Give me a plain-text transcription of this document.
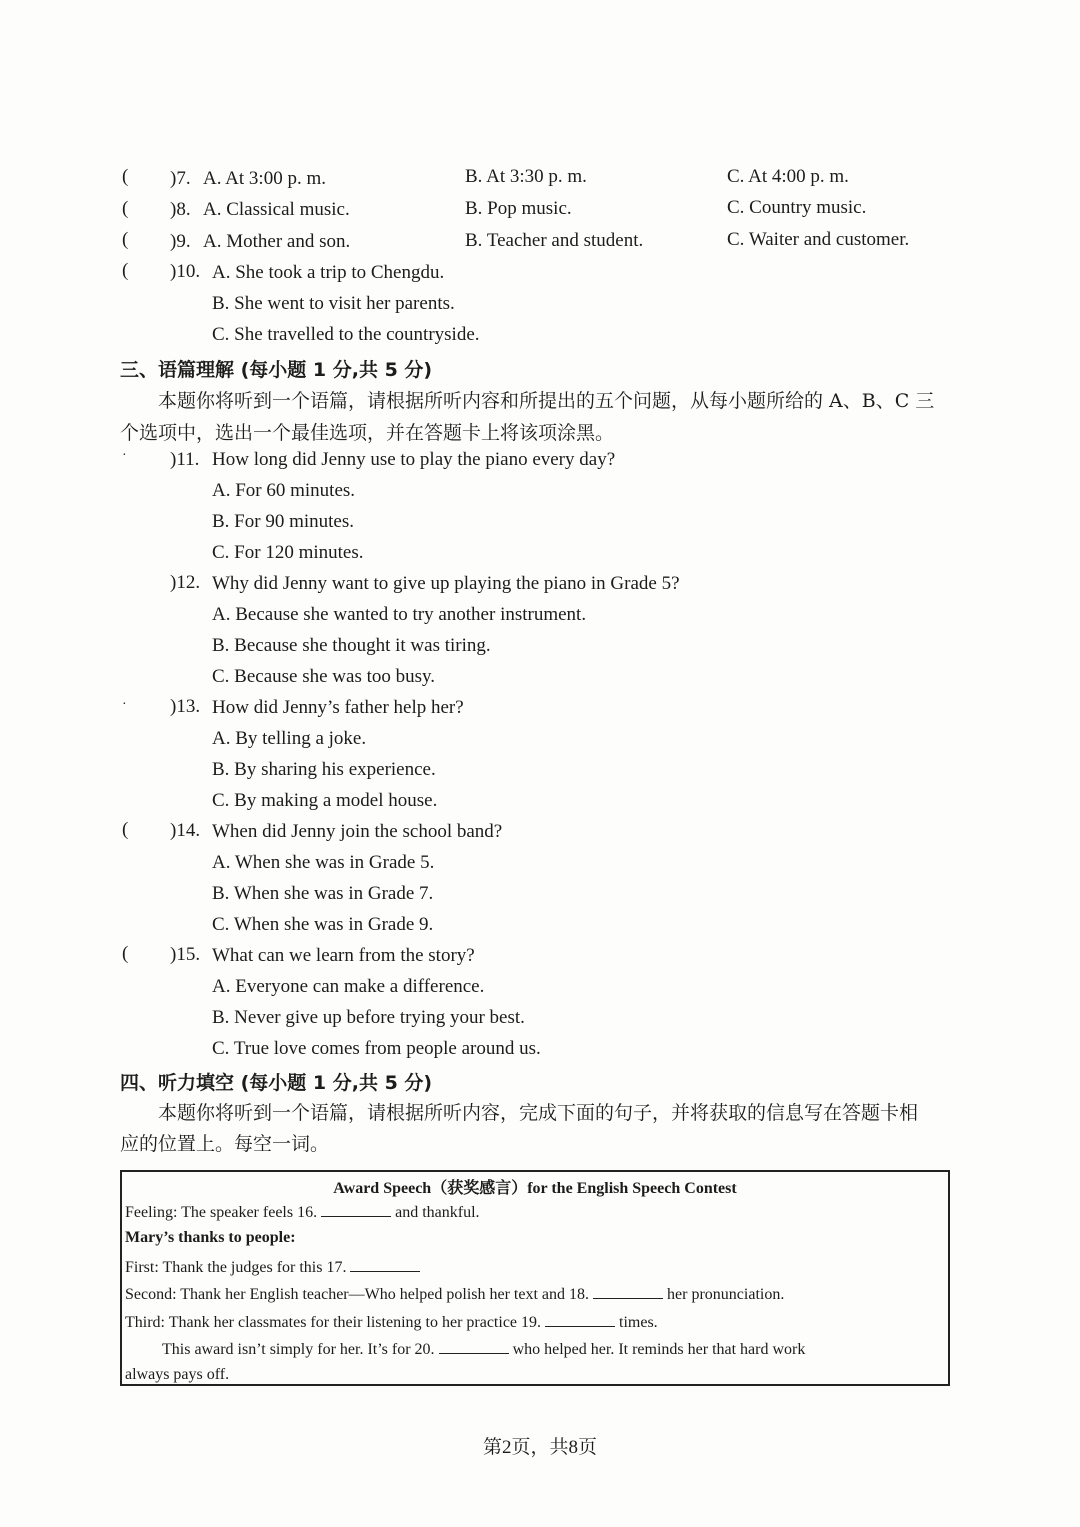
( )7. A. At 3:00 p. m.	B. At 3:30 p. m.	C. At 4:00 p. m.
( )8. A. Classical music.	B. Pop music.	C. Country music.
( )9. A. Mother and son.	B. Teacher and student.	C. Waiter and customer.
( )10. A. She took a trip to Chengdu.
B. She went to visit her parents.
C. She travelled to the countryside.
三、语篇理解 (每小题 1 分,共 5 分)
本题你将听到一个语篇，请根据所听内容和所提出的五个问题，从每小题所给的 A、B、C 三
个选项中，选出一个最佳选项，并在答题卡上将该项涂黑。
· )11. How long did Jenny use to play the piano every day?
A. For 60 minutes.
B. For 90 minutes.
C. For 120 minutes.
)12. Why did Jenny want to give up playing the piano in Grade 5?
A. Because she wanted to try another instrument.
B. Because she thought it was tiring.
C. Because she was too busy.
· )13. How did Jenny’s father help her?
A. By telling a joke.
B. By sharing his experience.
C. By making a model house.
( )14. When did Jenny join the school band?
A. When she was in Grade 5.
B. When she was in Grade 7.
C. When she was in Grade 9.
( )15. What can we learn from the story?
A. Everyone can make a difference.
B. Never give up before trying your best.
C. True love comes from people around us.
四、听力填空 (每小题 1 分,共 5 分)
本题你将听到一个语篇，请根据所听内容，完成下面的句子，并将获取的信息写在答题卡相
应的位置上。每空一词。
Award Speech（获奖感言）for the English Speech Contest
Feeling: The speaker feels 16.	and thankful.
Mary’s thanks to people:
First: Thank the judges for this 17.
Second: Thank her English teacher—Who helped polish her text and 18.	her pronunciation.
Third: Thank her classmates for their listening to her practice 19.	times.
This award isn’t simply for her. It’s for 20.	who helped her. It reminds her that hard work
always pays off.
第2页，共8页
